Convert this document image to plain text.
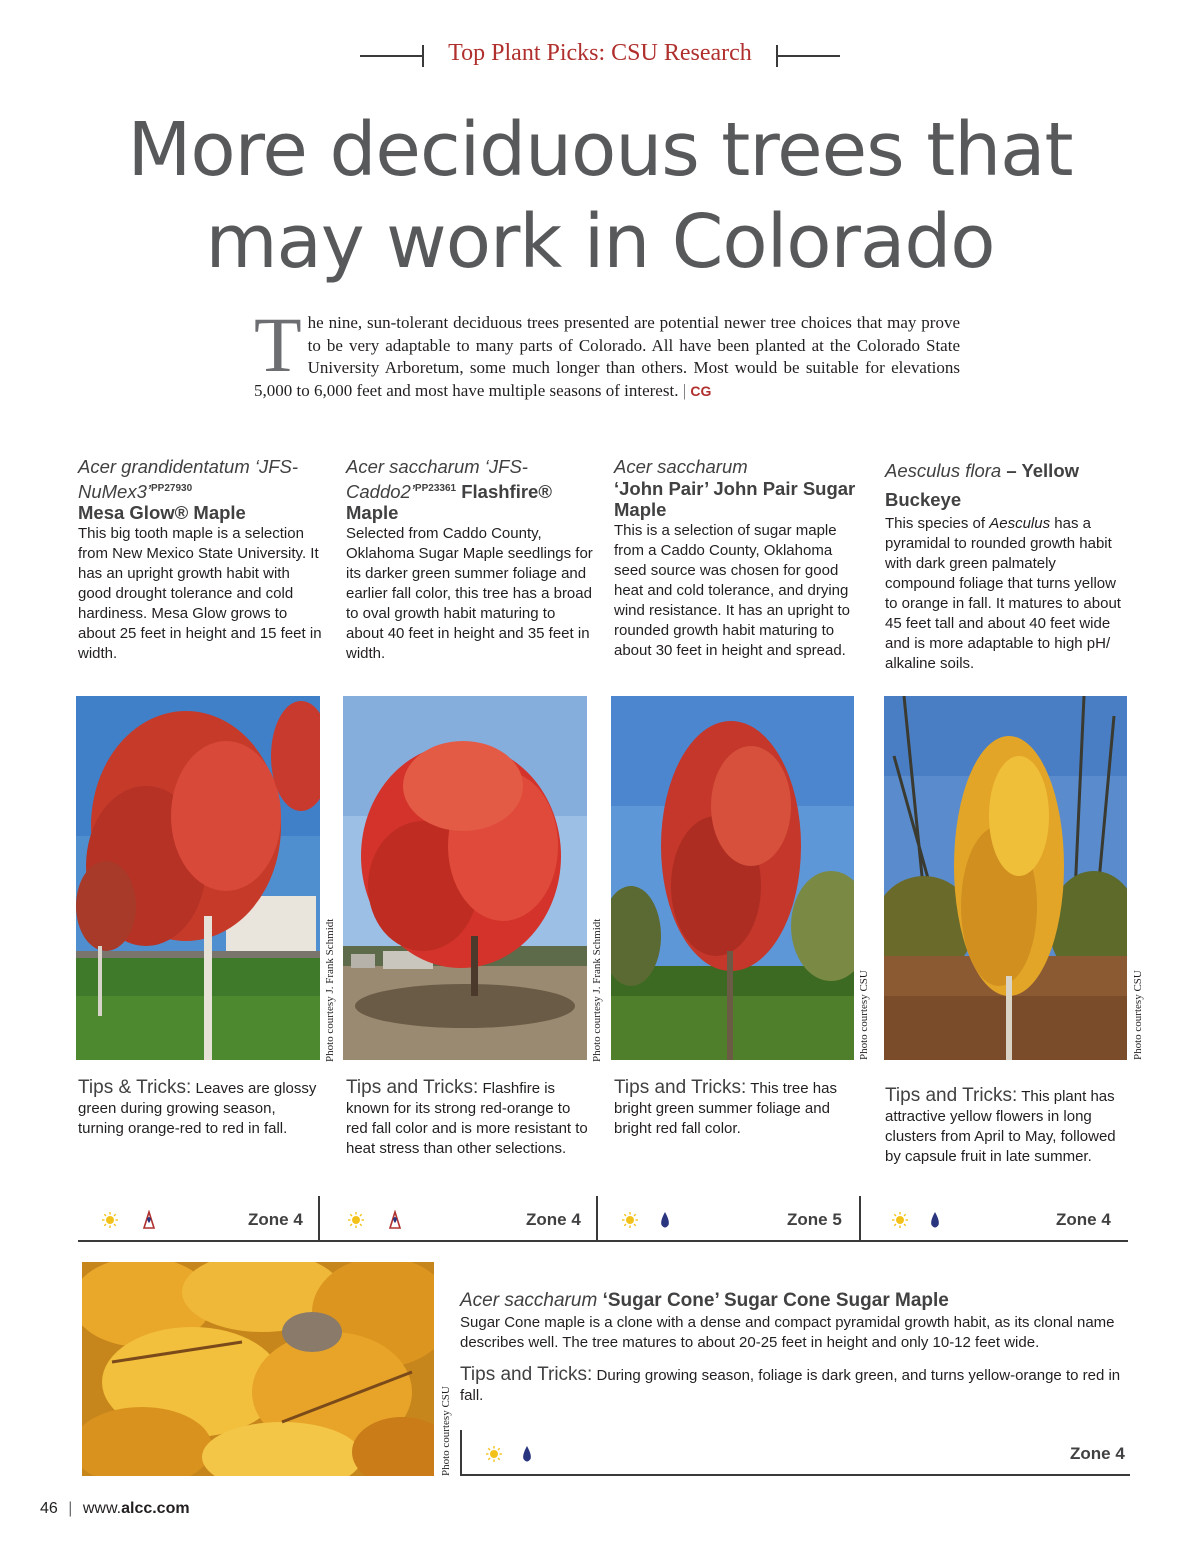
Top Plant Picks: CSU Research
More deciduous trees that
may work in Colorado
The nine, sun-tolerant deciduous trees presented are potential newer tree choices that may prove to be very adaptable to many parts of Colorado. All have been planted at the Colorado State University Arboretum, some much longer than others. Most would be suitable for elevations 5,000 to 6,000 feet and most have multiple seasons of interest. | CG
Acer grandidentatum ‘JFS-NuMex3’$^{PP27930}$
Mesa Glow® Maple
This big tooth maple is a selection from New Mexico State University. It has an upright growth habit with good drought tolerance and cold hardiness. Mesa Glow grows to about 25 feet in height and 15 feet in width.
Acer saccharum ‘JFS-Caddo2’$^{PP23361}$ Flashfire® Maple
Selected from Caddo County, Oklahoma Sugar Maple seedlings for its darker green summer foliage and earlier fall color, this tree has a broad to oval growth habit maturing to about 40 feet in height and 35 feet in width.
Acer saccharum
‘John Pair’ John Pair Sugar Maple
This is a selection of sugar maple from a Caddo County, Oklahoma seed source was chosen for good heat and cold tolerance, and drying wind resistance. It has an upright to rounded growth habit maturing to about 30 feet in height and spread.
Aesculus flora – Yellow Buckeye
This species of Aesculus has a pyramidal to rounded growth habit with dark green palmately compound foliage that turns yellow to orange in fall. It matures to about 45 feet tall and about 40 feet wide and is more adaptable to high pH/ alkaline soils.
Photo courtesy J. Frank Schmidt	Photo courtesy J. Frank Schmidt	Photo courtesy CSU	Photo courtesy CSU
Tips & Tricks: Leaves are glossy green during growing season, turning orange-red to red in fall.
Tips and Tricks: Flashfire is known for its strong red-orange to red fall color and is more resistant to heat stress than other selections.
Tips and Tricks: This tree has bright green summer foliage and bright red fall color.
Tips and Tricks: This plant has attractive yellow flowers in long clusters from April to May, followed by capsule fruit in late summer.
Zone 4	Zone 4	Zone 5	Zone 4
Photo courtesy CSU
Acer saccharum ‘Sugar Cone’ Sugar Cone Sugar Maple
Sugar Cone maple is a clone with a dense and compact pyramidal growth habit, as its clonal name describes well. The tree matures to about 20-25 feet in height and only 10-12 feet wide.
Tips and Tricks: During growing season, foliage is dark green, and turns yellow-orange to red in fall.
Zone 4
46 | www.alcc.com
